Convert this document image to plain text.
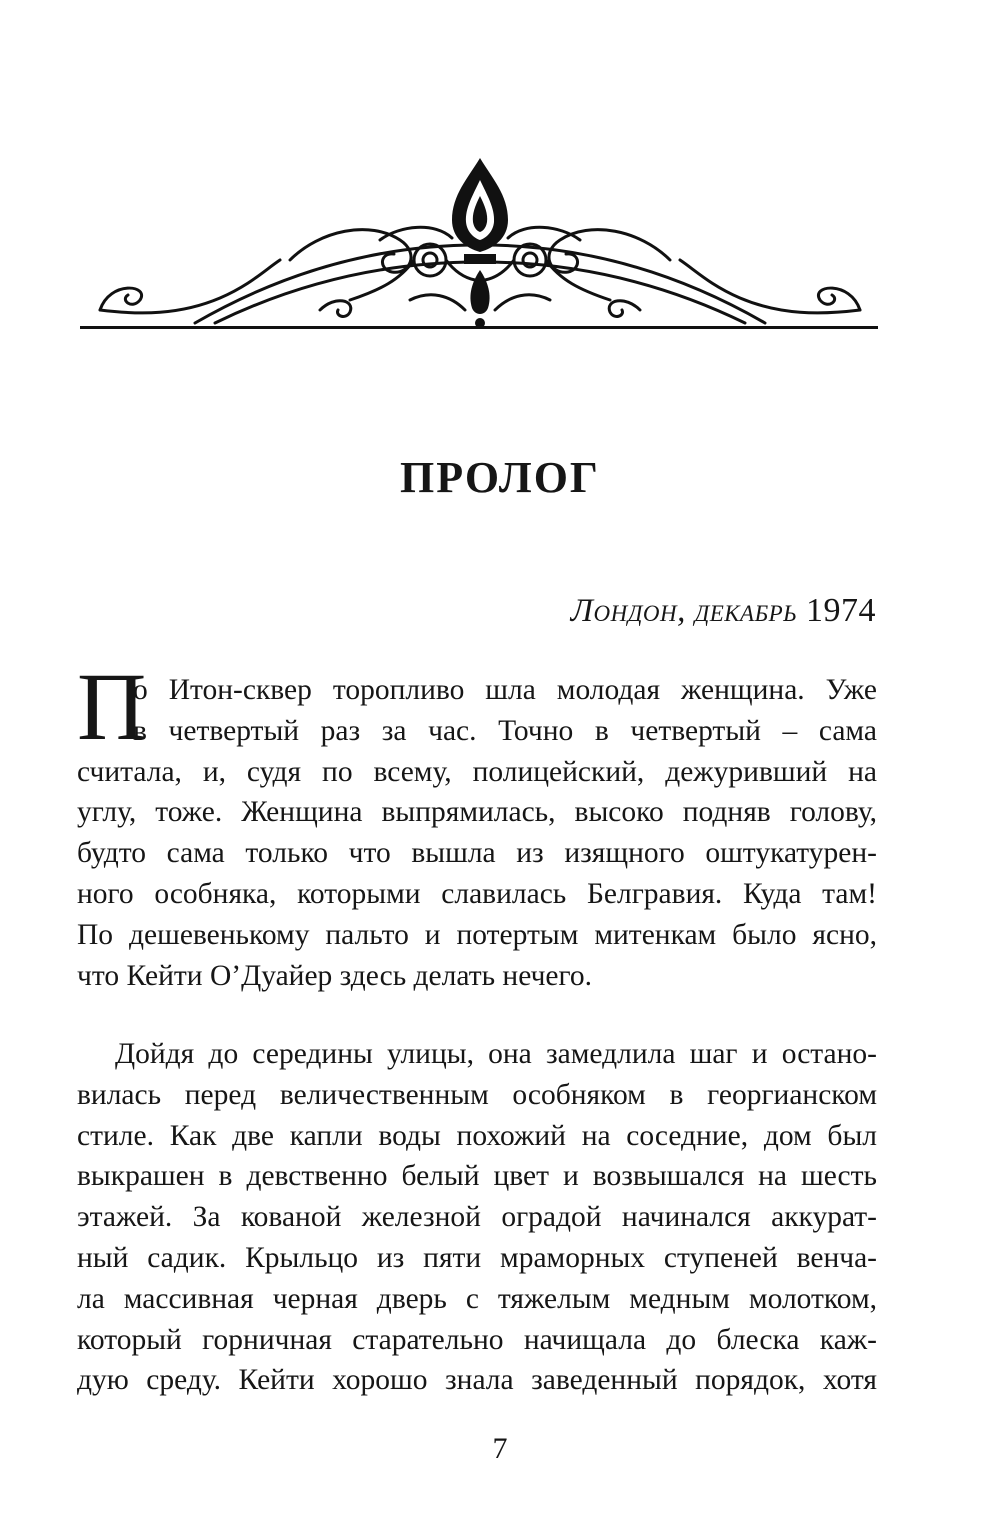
ПРОЛОГ
Лондон, декабрь 1974
П
о Итон-сквер торопливо шла молодая женщина. Уже
в четвертый раз за час. Точно в четвертый – сама
считала, и, судя по всему, полицейский, дежуривший на
углу, тоже. Женщина выпрямилась, высоко подняв голову,
будто сама только что вышла из изящного оштукатурен-
ного особняка, которыми славилась Белгравия. Куда там!
По дешевенькому пальто и потертым митенкам было ясно,
что Кейти О’Дуайер здесь делать нечего.
Дойдя до середины улицы, она замедлила шаг и остано-
вилась перед величественным особняком в георгианском
стиле. Как две капли воды похожий на соседние, дом был
выкрашен в девственно белый цвет и возвышался на шесть
этажей. За кованой железной оградой начинался аккурат-
ный садик. Крыльцо из пяти мраморных ступеней венча-
ла массивная черная дверь с тяжелым медным молотком,
который горничная старательно начищала до блеска каж-
дую среду. Кейти хорошо знала заведенный порядок, хотя
7
